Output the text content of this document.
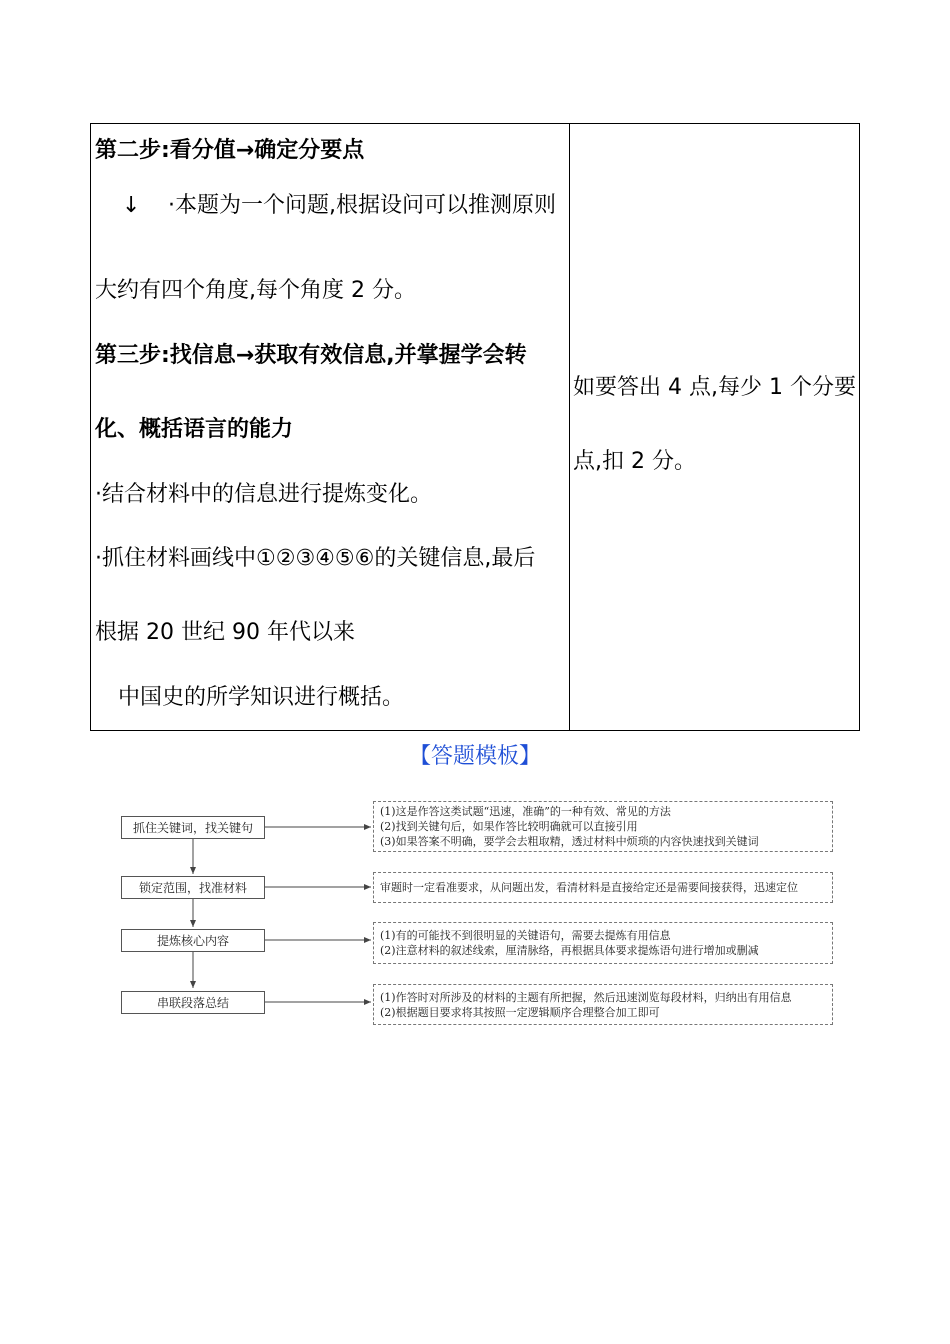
第二步:看分值→确定分要点
↓ ·本题为一个问题,根据设问可以推测原则
大约有四个角度,每个角度 2 分。
第三步:找信息→获取有效信息,并掌握学会转
化、概括语言的能力
·结合材料中的信息进行提炼变化。
·抓住材料画线中①②③④⑤⑥的关键信息,最后
根据 20 世纪 90 年代以来
中国史的所学知识进行概括。
如要答出 4 点,每少 1 个分要
点,扣 2 分。
【答题模板】
抓住关键词，找关键句
锁定范围，找准材料
提炼核心内容
串联段落总结
(1)这是作答这类试题“迅速，准确”的一种有效、常见的方法
(2)找到关键句后，如果作答比较明确就可以直接引用
(3)如果答案不明确，要学会去粗取精，透过材料中烦琐的内容快速找到关键词
审题时一定看准要求，从问题出发，看清材料是直接给定还是需要间接获得，迅速定位
(1)有的可能找不到很明显的关键语句，需要去提炼有用信息
(2)注意材料的叙述线索，厘清脉络，再根据具体要求提炼语句进行增加或删减
(1)作答时对所涉及的材料的主题有所把握，然后迅速浏览每段材料，归纳出有用信息
(2)根据题目要求将其按照一定逻辑顺序合理整合加工即可
